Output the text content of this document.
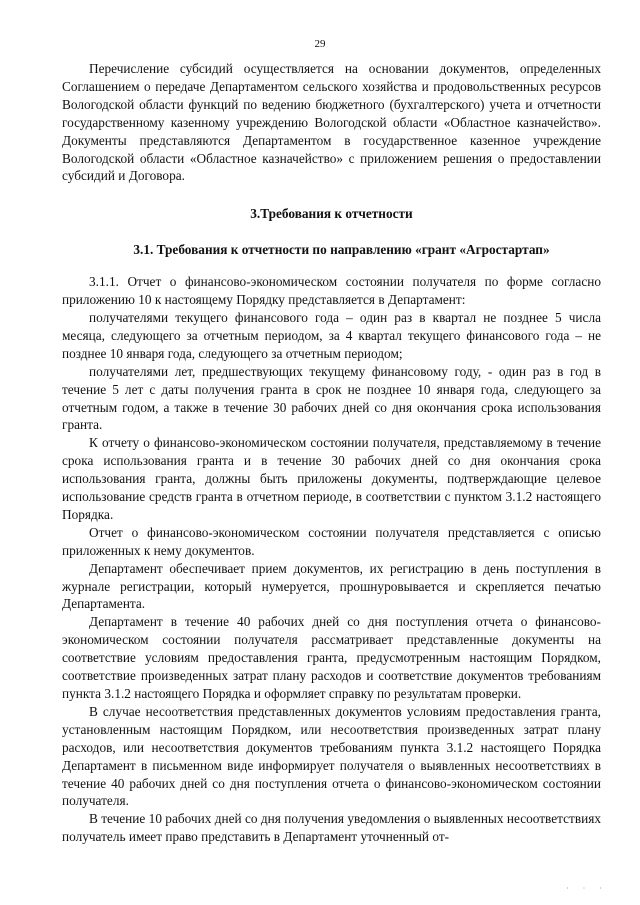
29

Перечисление субсидий осуществляется на основании документов, определенных Соглашением о передаче Департаментом сельского хозяйства и продовольственных ресурсов Вологодской области функций по ведению бюджетного (бухгалтерского) учета и отчетности государственному казенному учреждению Вологодской области «Областное казначейство». Документы представляются Департаментом в государственное казенное учреждение Вологодской области «Областное казначейство» с приложением решения о предоставлении субсидий и Договора.

3.Требования к отчетности

3.1. Требования к отчетности по направлению «грант «Агростартап»

3.1.1. Отчет о финансово-экономическом состоянии получателя по форме согласно приложению 10 к настоящему Порядку представляется в Департамент:

получателями текущего финансового года – один раз в квартал не позднее 5 числа месяца, следующего за отчетным периодом, за 4 квартал текущего финансового года – не позднее 10 января года, следующего за отчетным периодом;

получателями лет, предшествующих текущему финансовому году, - один раз в год в течение 5 лет с даты получения гранта в срок не позднее 10 января года, следующего за отчетным годом, а также в течение 30 рабочих дней со дня окончания срока использования гранта.

К отчету о финансово-экономическом состоянии получателя, представляемому в течение срока использования гранта и в течение 30 рабочих дней со дня окончания срока использования гранта, должны быть приложены документы, подтверждающие целевое использование средств гранта в отчетном периоде, в соответствии с пунктом 3.1.2 настоящего Порядка.

Отчет о финансово-экономическом состоянии получателя представляется с описью приложенных к нему документов.

Департамент обеспечивает прием документов, их регистрацию в день поступления в журнале регистрации, который нумеруется, прошнуровывается и скрепляется печатью Департамента.

Департамент в течение 40 рабочих дней со дня поступления отчета о финансово-экономическом состоянии получателя рассматривает представленные документы на соответствие условиям предоставления гранта, предусмотренным настоящим Порядком, соответствие произведенных затрат плану расходов и соответствие документов требованиям пункта 3.1.2 настоящего Порядка и оформляет справку по результатам проверки.

В случае несоответствия представленных документов условиям предоставления гранта, установленным настоящим Порядком, или несоответствия произведенных затрат плану расходов, или несоответствия документов требованиям пункта 3.1.2 настоящего Порядка Департамент в письменном виде информирует получателя о выявленных несоответствиях в течение 40 рабочих дней со дня поступления отчета о финансово-экономическом состоянии получателя.

В течение 10 рабочих дней со дня получения уведомления о выявленных несоответствиях получатель имеет право представить в Департамент уточненный от-

· · ·
